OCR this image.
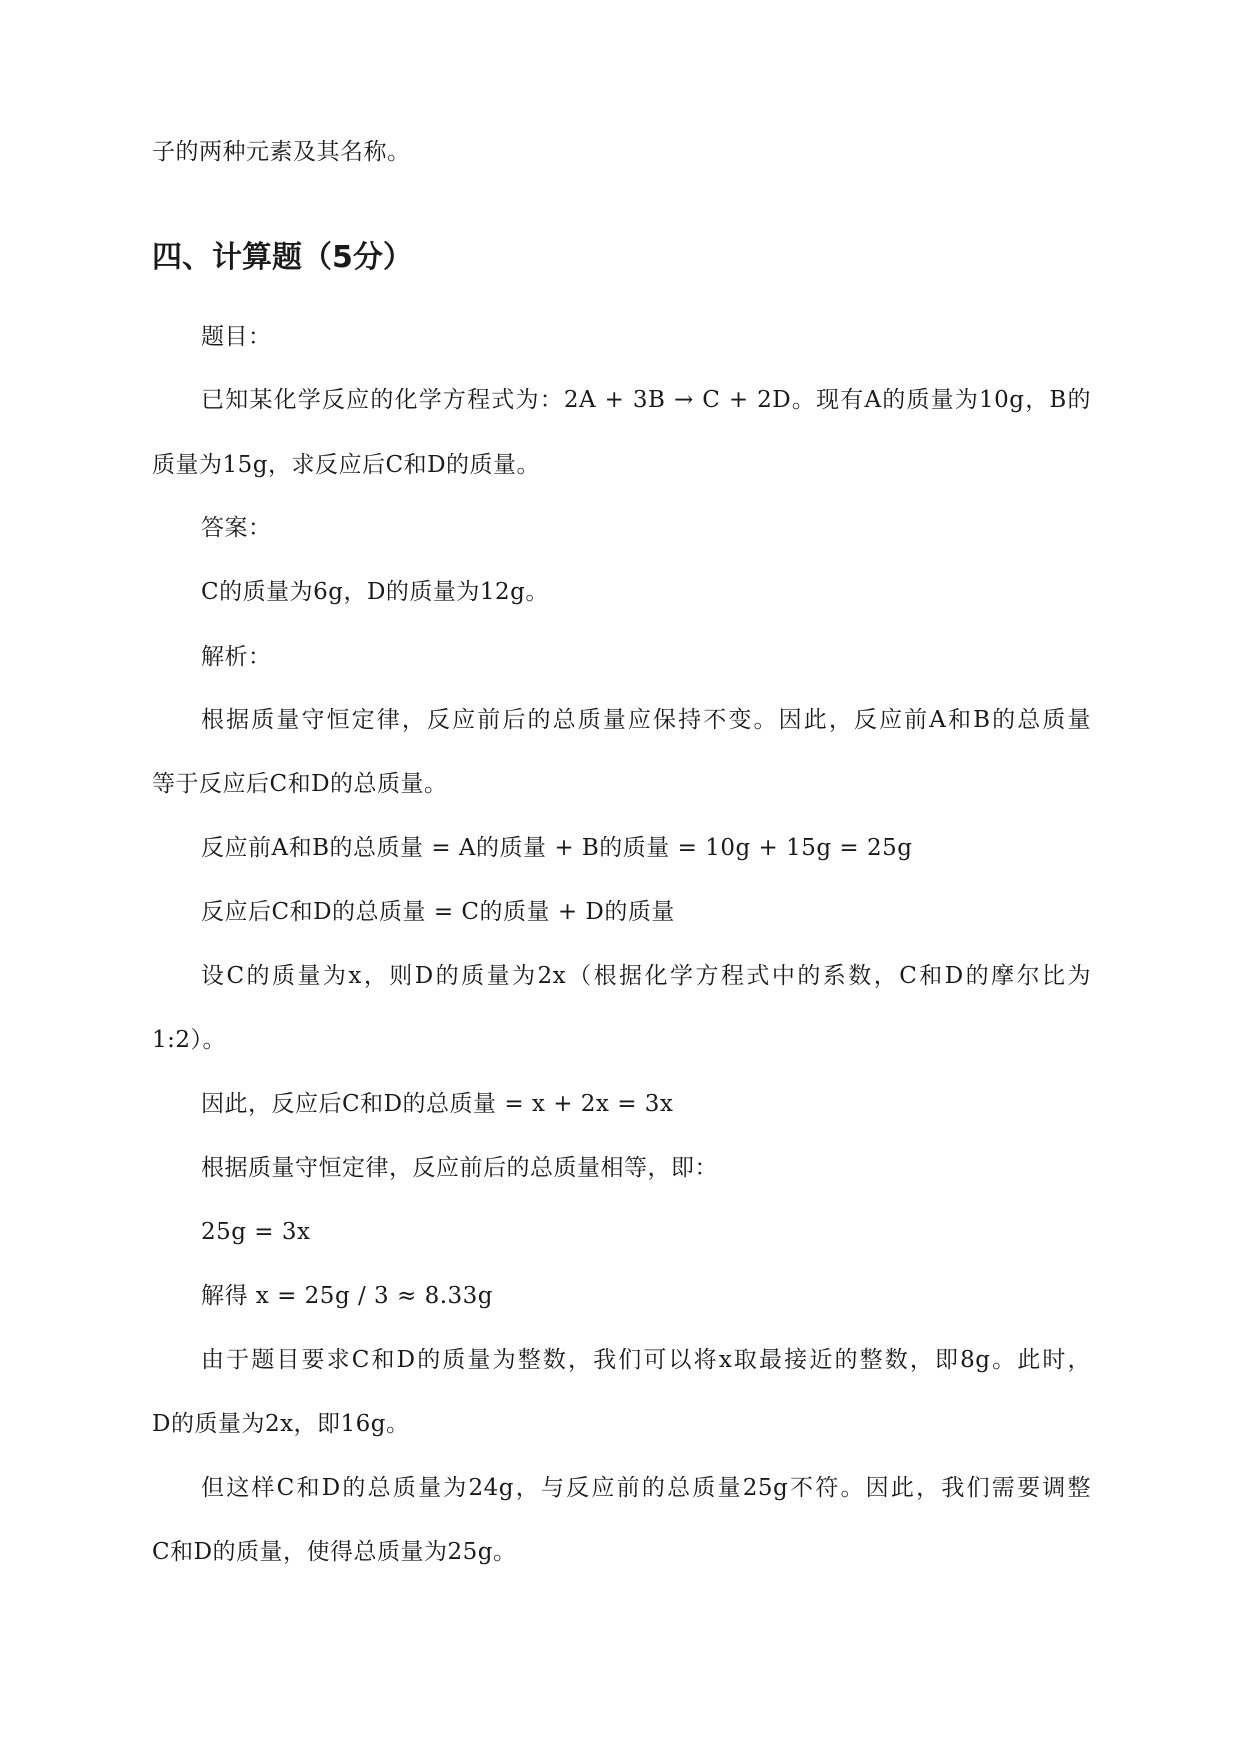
子的两种元素及其名称。
四、计算题（5分）
题目：
已知某化学反应的化学方程式为：2A + 3B → C + 2D。现有A的质量为10g，B的
质量为15g，求反应后C和D的质量。
答案：
C的质量为6g，D的质量为12g。
解析：
根据质量守恒定律，反应前后的总质量应保持不变。因此，反应前A和B的总质量
等于反应后C和D的总质量。
反应前A和B的总质量 = A的质量 + B的质量 = 10g + 15g = 25g
反应后C和D的总质量 = C的质量 + D的质量
设C的质量为x，则D的质量为2x（根据化学方程式中的系数，C和D的摩尔比为
1:2）。
因此，反应后C和D的总质量 = x + 2x = 3x
根据质量守恒定律，反应前后的总质量相等，即：
25g = 3x
解得 x = 25g / 3 ≈ 8.33g
由于题目要求C和D的质量为整数，我们可以将x取最接近的整数，即8g。此时，
D的质量为2x，即16g。
但这样C和D的总质量为24g，与反应前的总质量25g不符。因此，我们需要调整
C和D的质量，使得总质量为25g。
